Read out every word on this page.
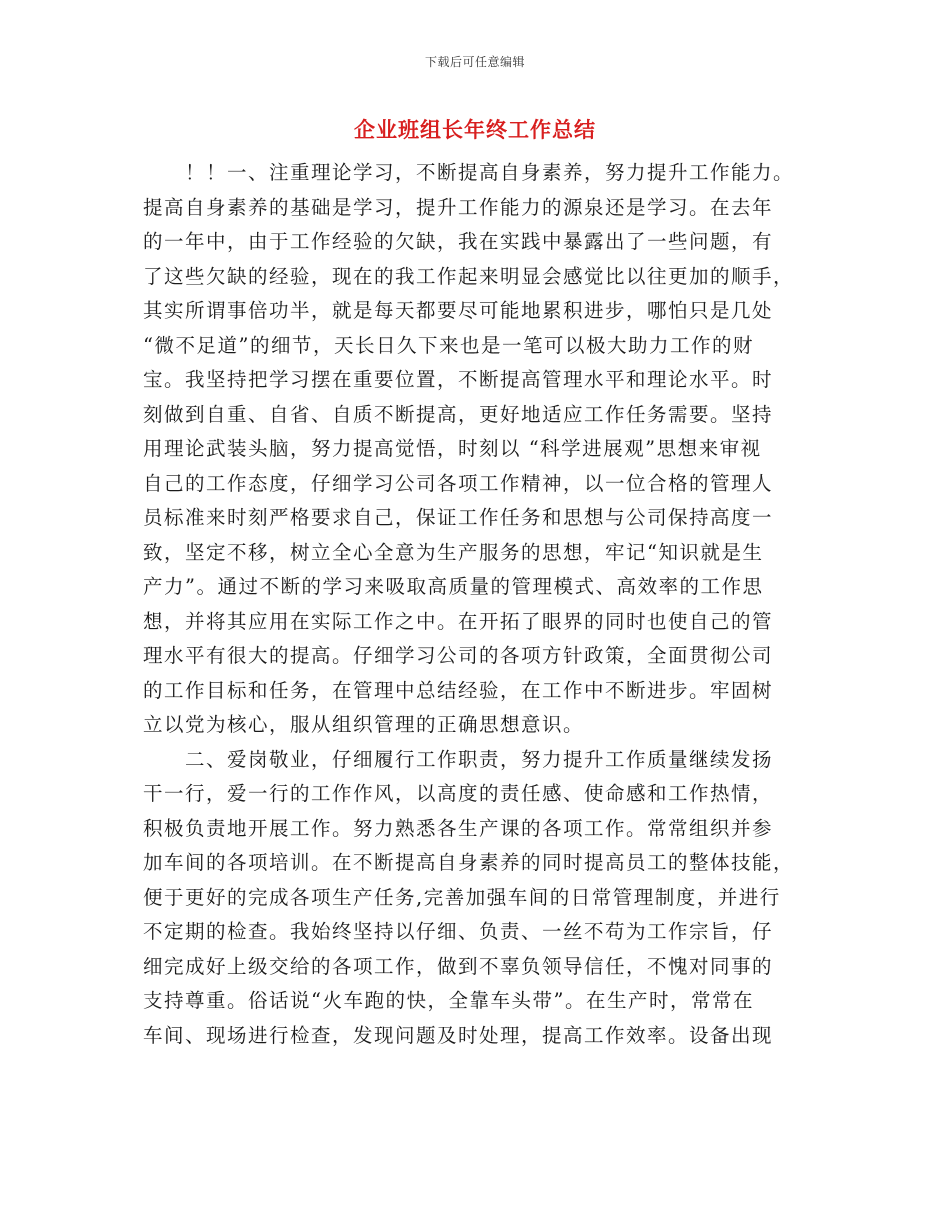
下载后可任意编辑
企业班组长年终工作总结
！！一、注重理论学习，不断提高自身素养，努力提升工作能力。
提高自身素养的基础是学习，提升工作能力的源泉还是学习。在去年
的一年中，由于工作经验的欠缺，我在实践中暴露出了一些问题，有
了这些欠缺的经验，现在的我工作起来明显会感觉比以往更加的顺手，
其实所谓事倍功半，就是每天都要尽可能地累积进步，哪怕只是几处
“微不足道”的细节，天长日久下来也是一笔可以极大助力工作的财
宝。我坚持把学习摆在重要位置，不断提高管理水平和理论水平。时
刻做到自重、自省、自质不断提高，更好地适应工作任务需要。坚持
用理论武装头脑，努力提高觉悟，时刻以 “科学进展观”思想来审视
自己的工作态度，仔细学习公司各项工作精神，以一位合格的管理人
员标准来时刻严格要求自己，保证工作任务和思想与公司保持高度一
致，坚定不移，树立全心全意为生产服务的思想，牢记“知识就是生
产力”。通过不断的学习来吸取高质量的管理模式、高效率的工作思
想，并将其应用在实际工作之中。在开拓了眼界的同时也使自己的管
理水平有很大的提高。仔细学习公司的各项方针政策，全面贯彻公司
的工作目标和任务，在管理中总结经验，在工作中不断进步。牢固树
立以党为核心，服从组织管理的正确思想意识。
二、爱岗敬业，仔细履行工作职责，努力提升工作质量继续发扬
干一行，爱一行的工作作风，以高度的责任感、使命感和工作热情，
积极负责地开展工作。努力熟悉各生产课的各项工作。常常组织并参
加车间的各项培训。在不断提高自身素养的同时提高员工的整体技能，
便于更好的完成各项生产任务,完善加强车间的日常管理制度，并进行
不定期的检查。我始终坚持以仔细、负责、一丝不苟为工作宗旨，仔
细完成好上级交给的各项工作，做到不辜负领导信任，不愧对同事的
支持尊重。俗话说“火车跑的快，全靠车头带”。在生产时，常常在
车间、现场进行检查，发现问题及时处理，提高工作效率。设备出现
